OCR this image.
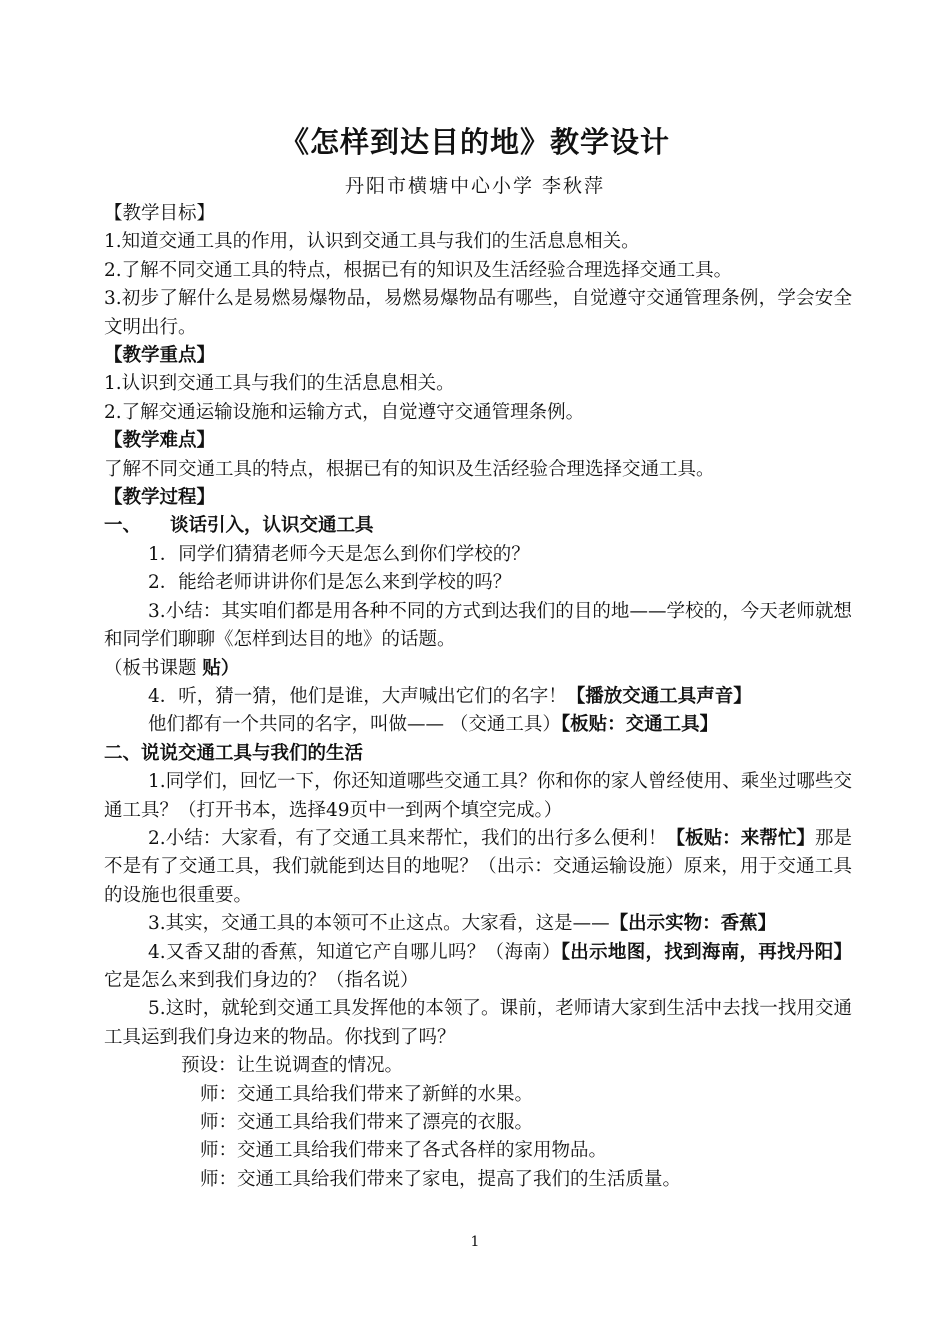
《怎样到达目的地》教学设计
丹阳市横塘中心小学 李秋萍

【教学目标】

1.知道交通工具的作用，认识到交通工具与我们的生活息息相关。

2.了解不同交通工具的特点，根据已有的知识及生活经验合理选择交通工具。

3.初步了解什么是易燃易爆物品，易燃易爆物品有哪些，自觉遵守交通管理条例，学会安全文明出行。

【教学重点】

1.认识到交通工具与我们的生活息息相关。

2.了解交通运输设施和运输方式，自觉遵守交通管理条例。

【教学难点】

了解不同交通工具的特点，根据已有的知识及生活经验合理选择交通工具。

【教学过程】

一、 谈话引入，认识交通工具

1．同学们猜猜老师今天是怎么到你们学校的？

2．能给老师讲讲你们是怎么来到学校的吗？

3.小结：其实咱们都是用各种不同的方式到达我们的目的地——学校的，今天老师就想和同学们聊聊《怎样到达目的地》的话题。

（板书课题 贴）

4．听，猜一猜，他们是谁，大声喊出它们的名字！【播放交通工具声音】

他们都有一个共同的名字，叫做—— （交通工具）【板贴：交通工具】

二、说说交通工具与我们的生活

1.同学们，回忆一下，你还知道哪些交通工具？你和你的家人曾经使用、乘坐过哪些交通工具？（打开书本，选择49页中一到两个填空完成。）

2.小结：大家看，有了交通工具来帮忙，我们的出行多么便利！【板贴：来帮忙】那是不是有了交通工具，我们就能到达目的地呢？（出示：交通运输设施）原来，用于交通工具的设施也很重要。

3.其实，交通工具的本领可不止这点。大家看，这是——【出示实物：香蕉】

4.又香又甜的香蕉，知道它产自哪儿吗？（海南）【出示地图，找到海南，再找丹阳】它是怎么来到我们身边的？（指名说）

5.这时，就轮到交通工具发挥他的本领了。课前，老师请大家到生活中去找一找用交通工具运到我们身边来的物品。你找到了吗？

预设：让生说调查的情况。

师：交通工具给我们带来了新鲜的水果。

师：交通工具给我们带来了漂亮的衣服。

师：交通工具给我们带来了各式各样的家用物品。

师：交通工具给我们带来了家电，提高了我们的生活质量。

1
